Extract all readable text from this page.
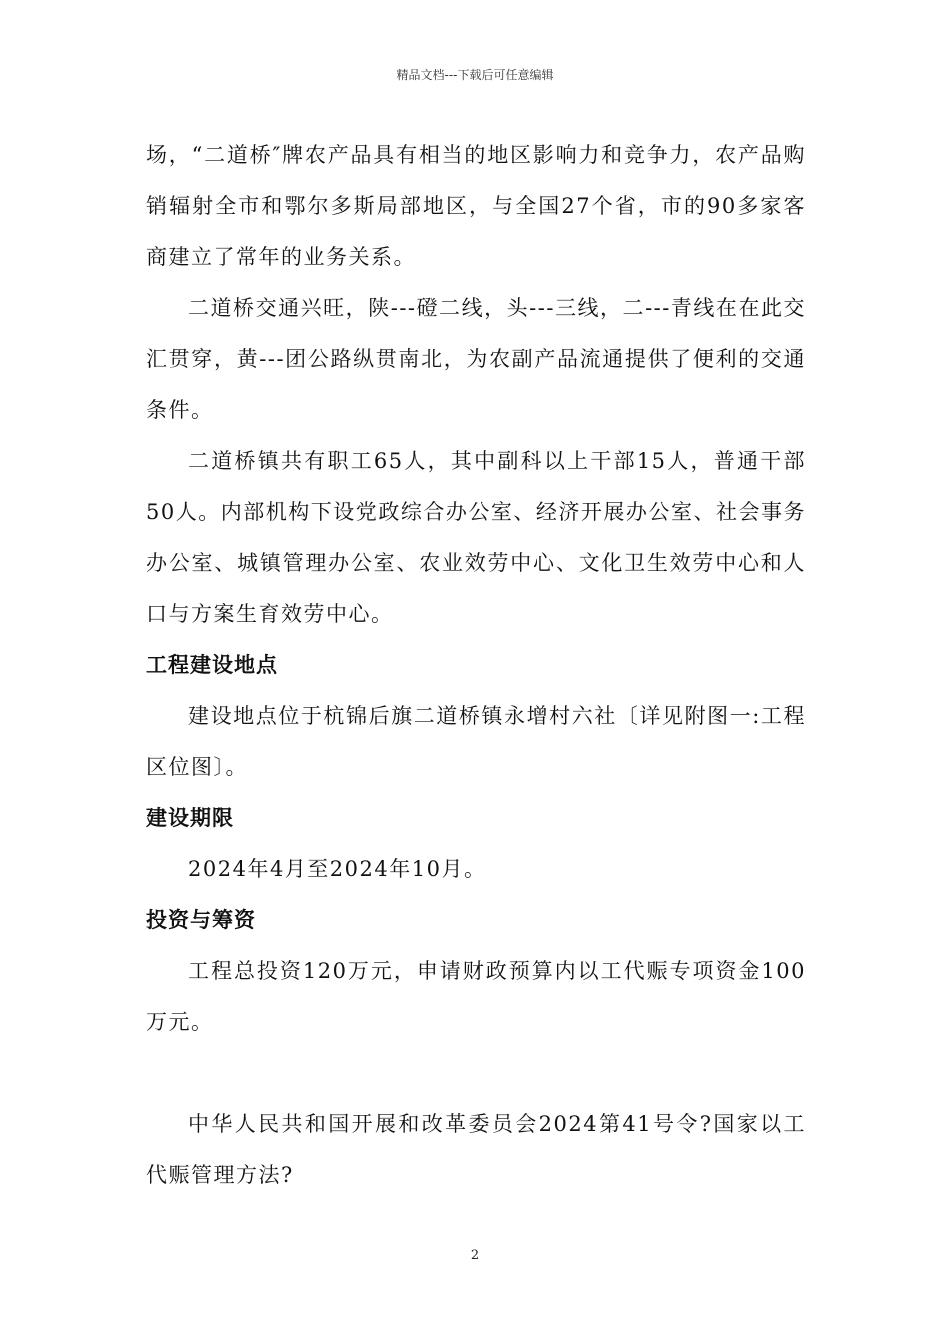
精品文档---下载后可任意编辑

场，“二道桥″牌农产品具有相当的地区影响力和竞争力，农产品购销辐射全市和鄂尔多斯局部地区，与全国27个省，市的90多家客商建立了常年的业务关系。

二道桥交通兴旺，陕---磴二线，头---三线，二---青线在在此交汇贯穿，黄---团公路纵贯南北，为农副产品流通提供了便利的交通条件。

二道桥镇共有职工65人，其中副科以上干部15人，普通干部50人。内部机构下设党政综合办公室、经济开展办公室、社会事务办公室、城镇管理办公室、农业效劳中心、文化卫生效劳中心和人口与方案生育效劳中心。

工程建设地点

建设地点位于杭锦后旗二道桥镇永增村六社〔详见附图一:工程区位图〕。

建设期限

2024年4月至2024年10月。

投资与筹资

工程总投资120万元，申请财政预算内以工代赈专项资金100万元。

中华人民共和国开展和改革委员会2024第41号令?国家以工代赈管理方法?

2
